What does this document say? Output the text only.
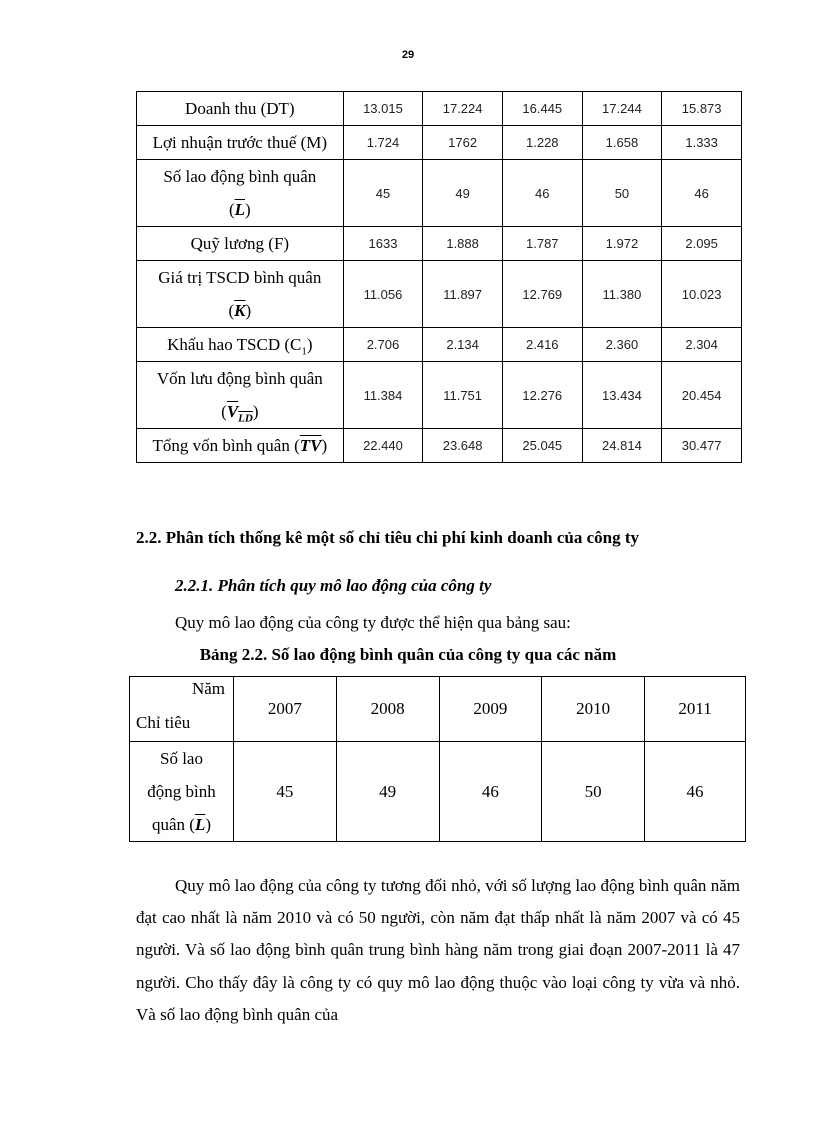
29
Doanh thu (DT)	13.015	17.224	16.445	17.244	15.873
Lợi nhuận trước thuế (M)	1.724	1762	1.228	1.658	1.333
Số lao động bình quân
$(\overline{L})$	45	49	46	50	46
Quỹ lương (F)	1633	1.888	1.787	1.972	2.095
Giá trị TSCD bình quân
$(\overline{K})$	11.056	11.897	12.769	11.380	10.023
Khấu hao TSCD $(C_1)$	2.706	2.134	2.416	2.360	2.304
Vốn lưu động bình quân
$(V_{LD})$	11.384	11.751	12.276	13.434	20.454
Tổng vốn bình quân $(\overline{TV})$	22.440	23.648	25.045	24.814	30.477
2.2. Phân tích thống kê một số chỉ tiêu chi phí kinh doanh của công ty
2.2.1. Phân tích quy mô lao động của công ty
Quy mô lao động của công ty được thể hiện qua bảng sau:
Bảng 2.2. Số lao động bình quân của công ty qua các năm
Năm
Chỉ tiêu	2007	2008	2009	2010	2011
Số lao
động bình
quân $(\overline{L})$	45	49	46	50	46
Quy mô lao động của công ty tương đối nhỏ, với số lượng lao động bình quân năm đạt cao nhất là năm 2010 và có 50 người, còn năm đạt thấp nhất là năm 2007 và có 45 người. Và số lao động bình quân trung bình hàng năm trong giai đoạn 2007-2011 là 47 người. Cho thấy đây là công ty có quy mô lao động thuộc vào loại công ty vừa và nhỏ. Và số lao động bình quân của
